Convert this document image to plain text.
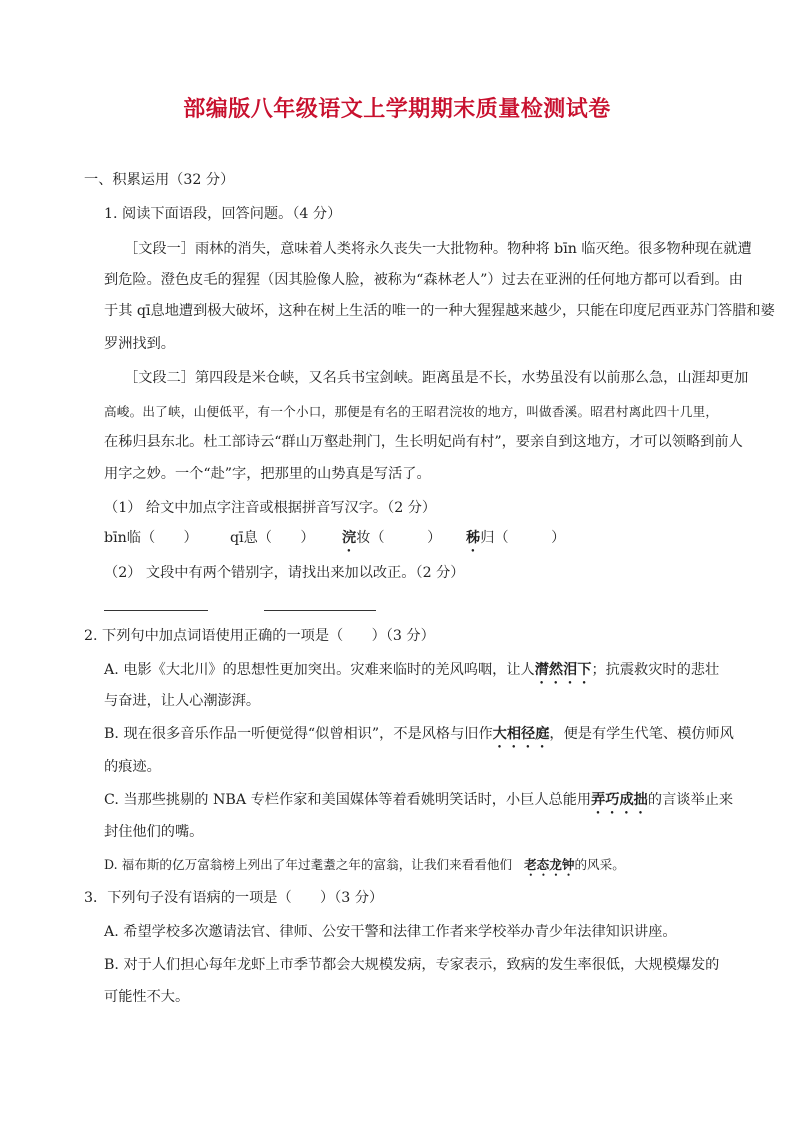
部编版八年级语文上学期期末质量检测试卷
一、积累运用（32 分）
1. 阅读下面语段，回答问题。（4 分）
［文段一］雨林的消失，意味着人类将永久丧失一大批物种。物种将 bīn 临灭绝。很多物种现在就遭
到危险。澄色皮毛的猩猩（因其脸像人脸，被称为“森林老人”）过去在亚洲的任何地方都可以看到。由
于其 qī息地遭到极大破坏，这种在树上生活的唯一的一种大猩猩越来越少，只能在印度尼西亚苏门答腊和婆
罗洲找到。
［文段二］第四段是米仓峡，又名兵书宝剑峡。距离虽是不长，水势虽没有以前那么急，山涯却更加
高峻。出了峡，山便低平，有一个小口，那便是有名的王昭君浣妆的地方，叫做香溪。昭君村离此四十几里，
在秭归县东北。杜工部诗云“群山万壑赴荆门，生长明妃尚有村”，要亲自到这地方，才可以领略到前人
用字之妙。一个“赴”字，把那里的山势真是写活了。
（1） 给文中加点字注音或根据拼音写汉字。（2 分）
bīn临（　　） qī息（　　） 浣妆（　　　） 秭归（　　　）
（2） 文段中有两个错别字，请找出来加以改正。（2 分）
2. 下列句中加点词语使用正确的一项是（　　）（3 分）
A. 电影《大北川》的思想性更加突出。灾难来临时的羌风呜咽，让人潸然泪下；抗震救灾时的悲壮
与奋进，让人心潮澎湃。
B. 现在很多音乐作品一听便觉得“似曾相识”，不是风格与旧作大相径庭，便是有学生代笔、模仿师风
的痕迹。
C. 当那些挑剔的 NBA 专栏作家和美国媒体等着看姚明笑话时，小巨人总能用弄巧成拙的言谈举止来
封住他们的嘴。
D. 福布斯的亿万富翁榜上列出了年过耄耋之年的富翁，让我们来看看他们 老态龙钟的风采。
3．下列句子没有语病的一项是（　　）（3 分）
A. 希望学校多次邀请法官、律师、公安干警和法律工作者来学校举办青少年法律知识讲座。
B. 对于人们担心每年龙虾上市季节都会大规模发病，专家表示，致病的发生率很低，大规模爆发的
可能性不大。
